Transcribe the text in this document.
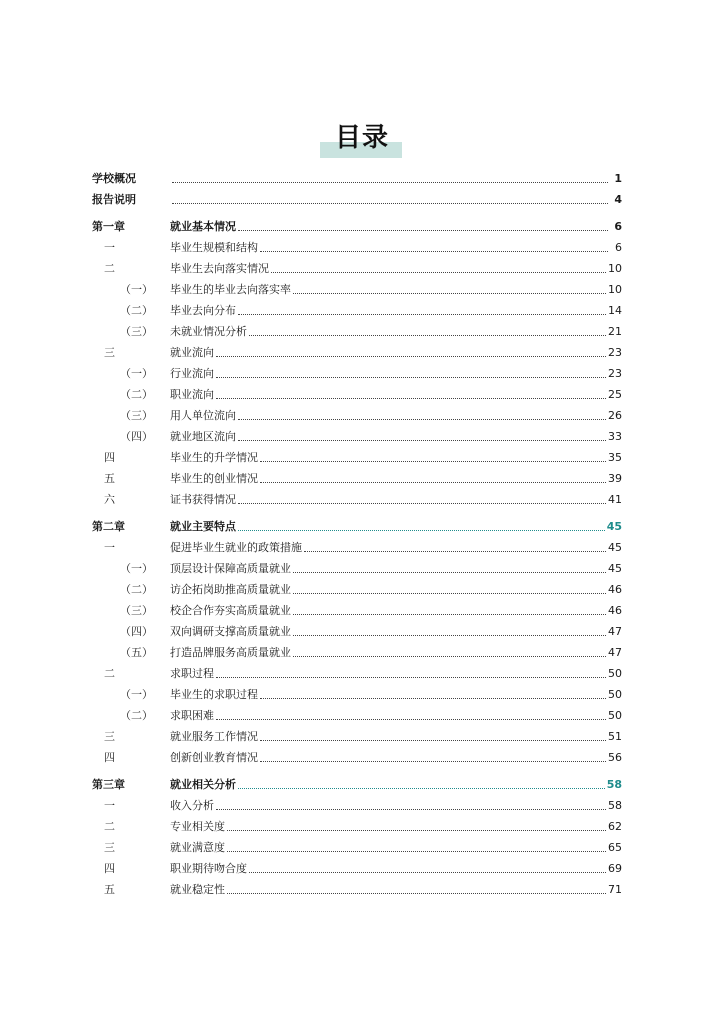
目录
学校概况	1
报告说明	4
第一章	就业基本情况	6
一	毕业生规模和结构	6
二	毕业生去向落实情况	10
（一）	毕业生的毕业去向落实率	10
（二）	毕业去向分布	14
（三）	未就业情况分析	21
三	就业流向	23
（一）	行业流向	23
（二）	职业流向	25
（三）	用人单位流向	26
（四）	就业地区流向	33
四	毕业生的升学情况	35
五	毕业生的创业情况	39
六	证书获得情况	41
第二章	就业主要特点	45
一	促进毕业生就业的政策措施	45
（一）	顶层设计保障高质量就业	45
（二）	访企拓岗助推高质量就业	46
（三）	校企合作夯实高质量就业	46
（四）	双向调研支撑高质量就业	47
（五）	打造品牌服务高质量就业	47
二	求职过程	50
（一）	毕业生的求职过程	50
（二）	求职困难	50
三	就业服务工作情况	51
四	创新创业教育情况	56
第三章	就业相关分析	58
一	收入分析	58
二	专业相关度	62
三	就业满意度	65
四	职业期待吻合度	69
五	就业稳定性	71
